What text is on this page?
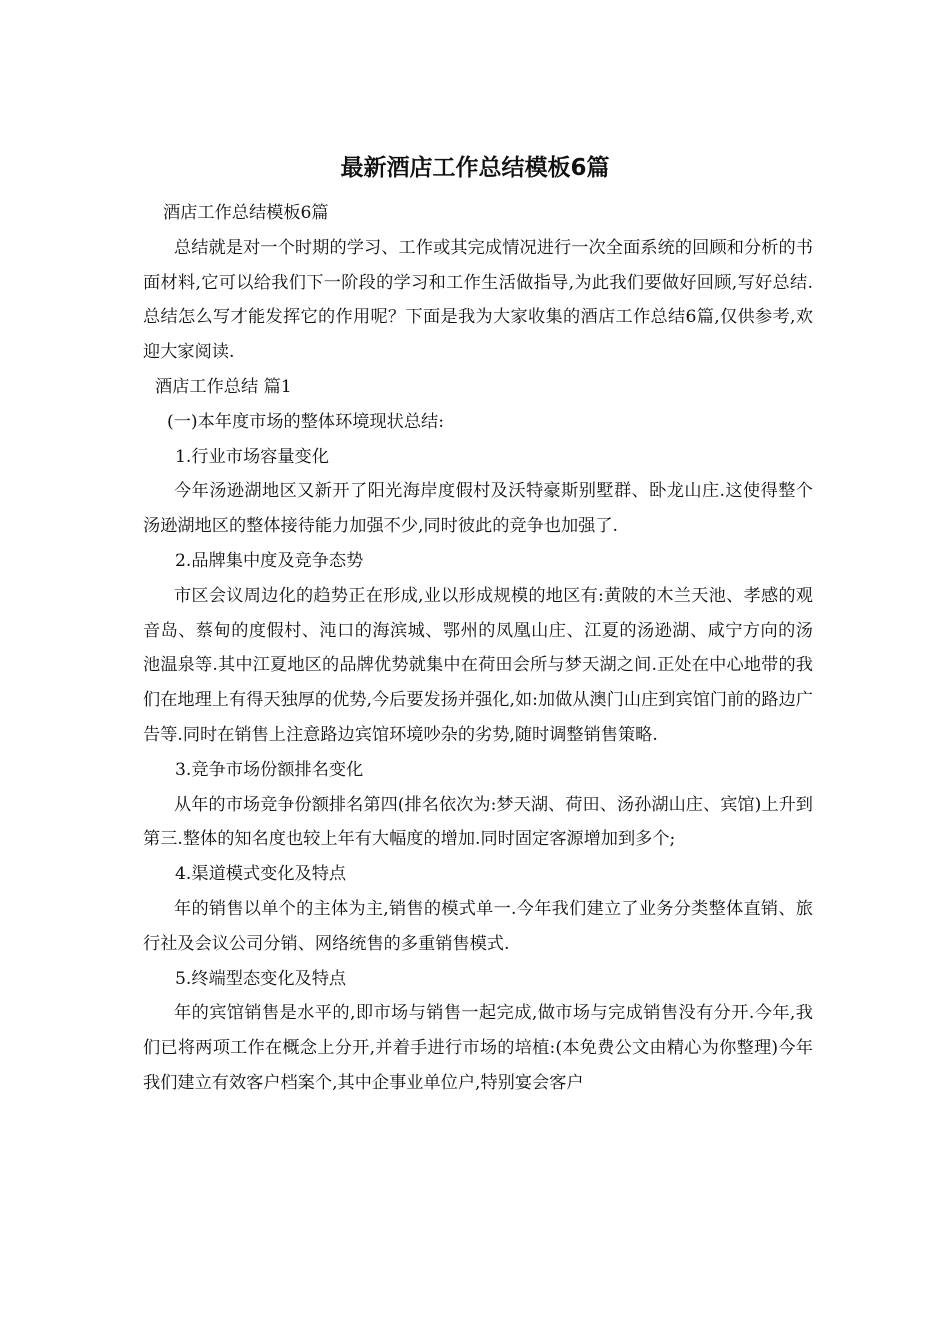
最新酒店工作总结模板6篇

酒店工作总结模板6篇

总结就是对一个时期的学习、工作或其完成情况进行一次全面系统的回顾和分析的书面材料,它可以给我们下一阶段的学习和工作生活做指导,为此我们要做好回顾,写好总结.总结怎么写才能发挥它的作用呢？下面是我为大家收集的酒店工作总结6篇,仅供参考,欢迎大家阅读.

酒店工作总结 篇1

(一)本年度市场的整体环境现状总结:

1.行业市场容量变化

今年汤逊湖地区又新开了阳光海岸度假村及沃特豪斯别墅群、卧龙山庄.这使得整个汤逊湖地区的整体接待能力加强不少,同时彼此的竞争也加强了.

2.品牌集中度及竞争态势

市区会议周边化的趋势正在形成,业以形成规模的地区有:黄陂的木兰天池、孝感的观音岛、蔡甸的度假村、沌口的海滨城、鄂州的凤凰山庄、江夏的汤逊湖、咸宁方向的汤池温泉等.其中江夏地区的品牌优势就集中在荷田会所与梦天湖之间.正处在中心地带的我们在地理上有得天独厚的优势,今后要发扬并强化,如:加做从澳门山庄到宾馆门前的路边广告等.同时在销售上注意路边宾馆环境吵杂的劣势,随时调整销售策略.

3.竞争市场份额排名变化

从年的市场竞争份额排名第四(排名依次为:梦天湖、荷田、汤孙湖山庄、宾馆)上升到第三.整体的知名度也较上年有大幅度的增加.同时固定客源增加到多个;

4.渠道模式变化及特点

年的销售以单个的主体为主,销售的模式单一.今年我们建立了业务分类整体直销、旅行社及会议公司分销、网络统售的多重销售模式.

5.终端型态变化及特点

年的宾馆销售是水平的,即市场与销售一起完成,做市场与完成销售没有分开.今年,我们已将两项工作在概念上分开,并着手进行市场的培植:(本免费公文由精心为你整理)今年我们建立有效客户档案个,其中企事业单位户,特别宴会客户
